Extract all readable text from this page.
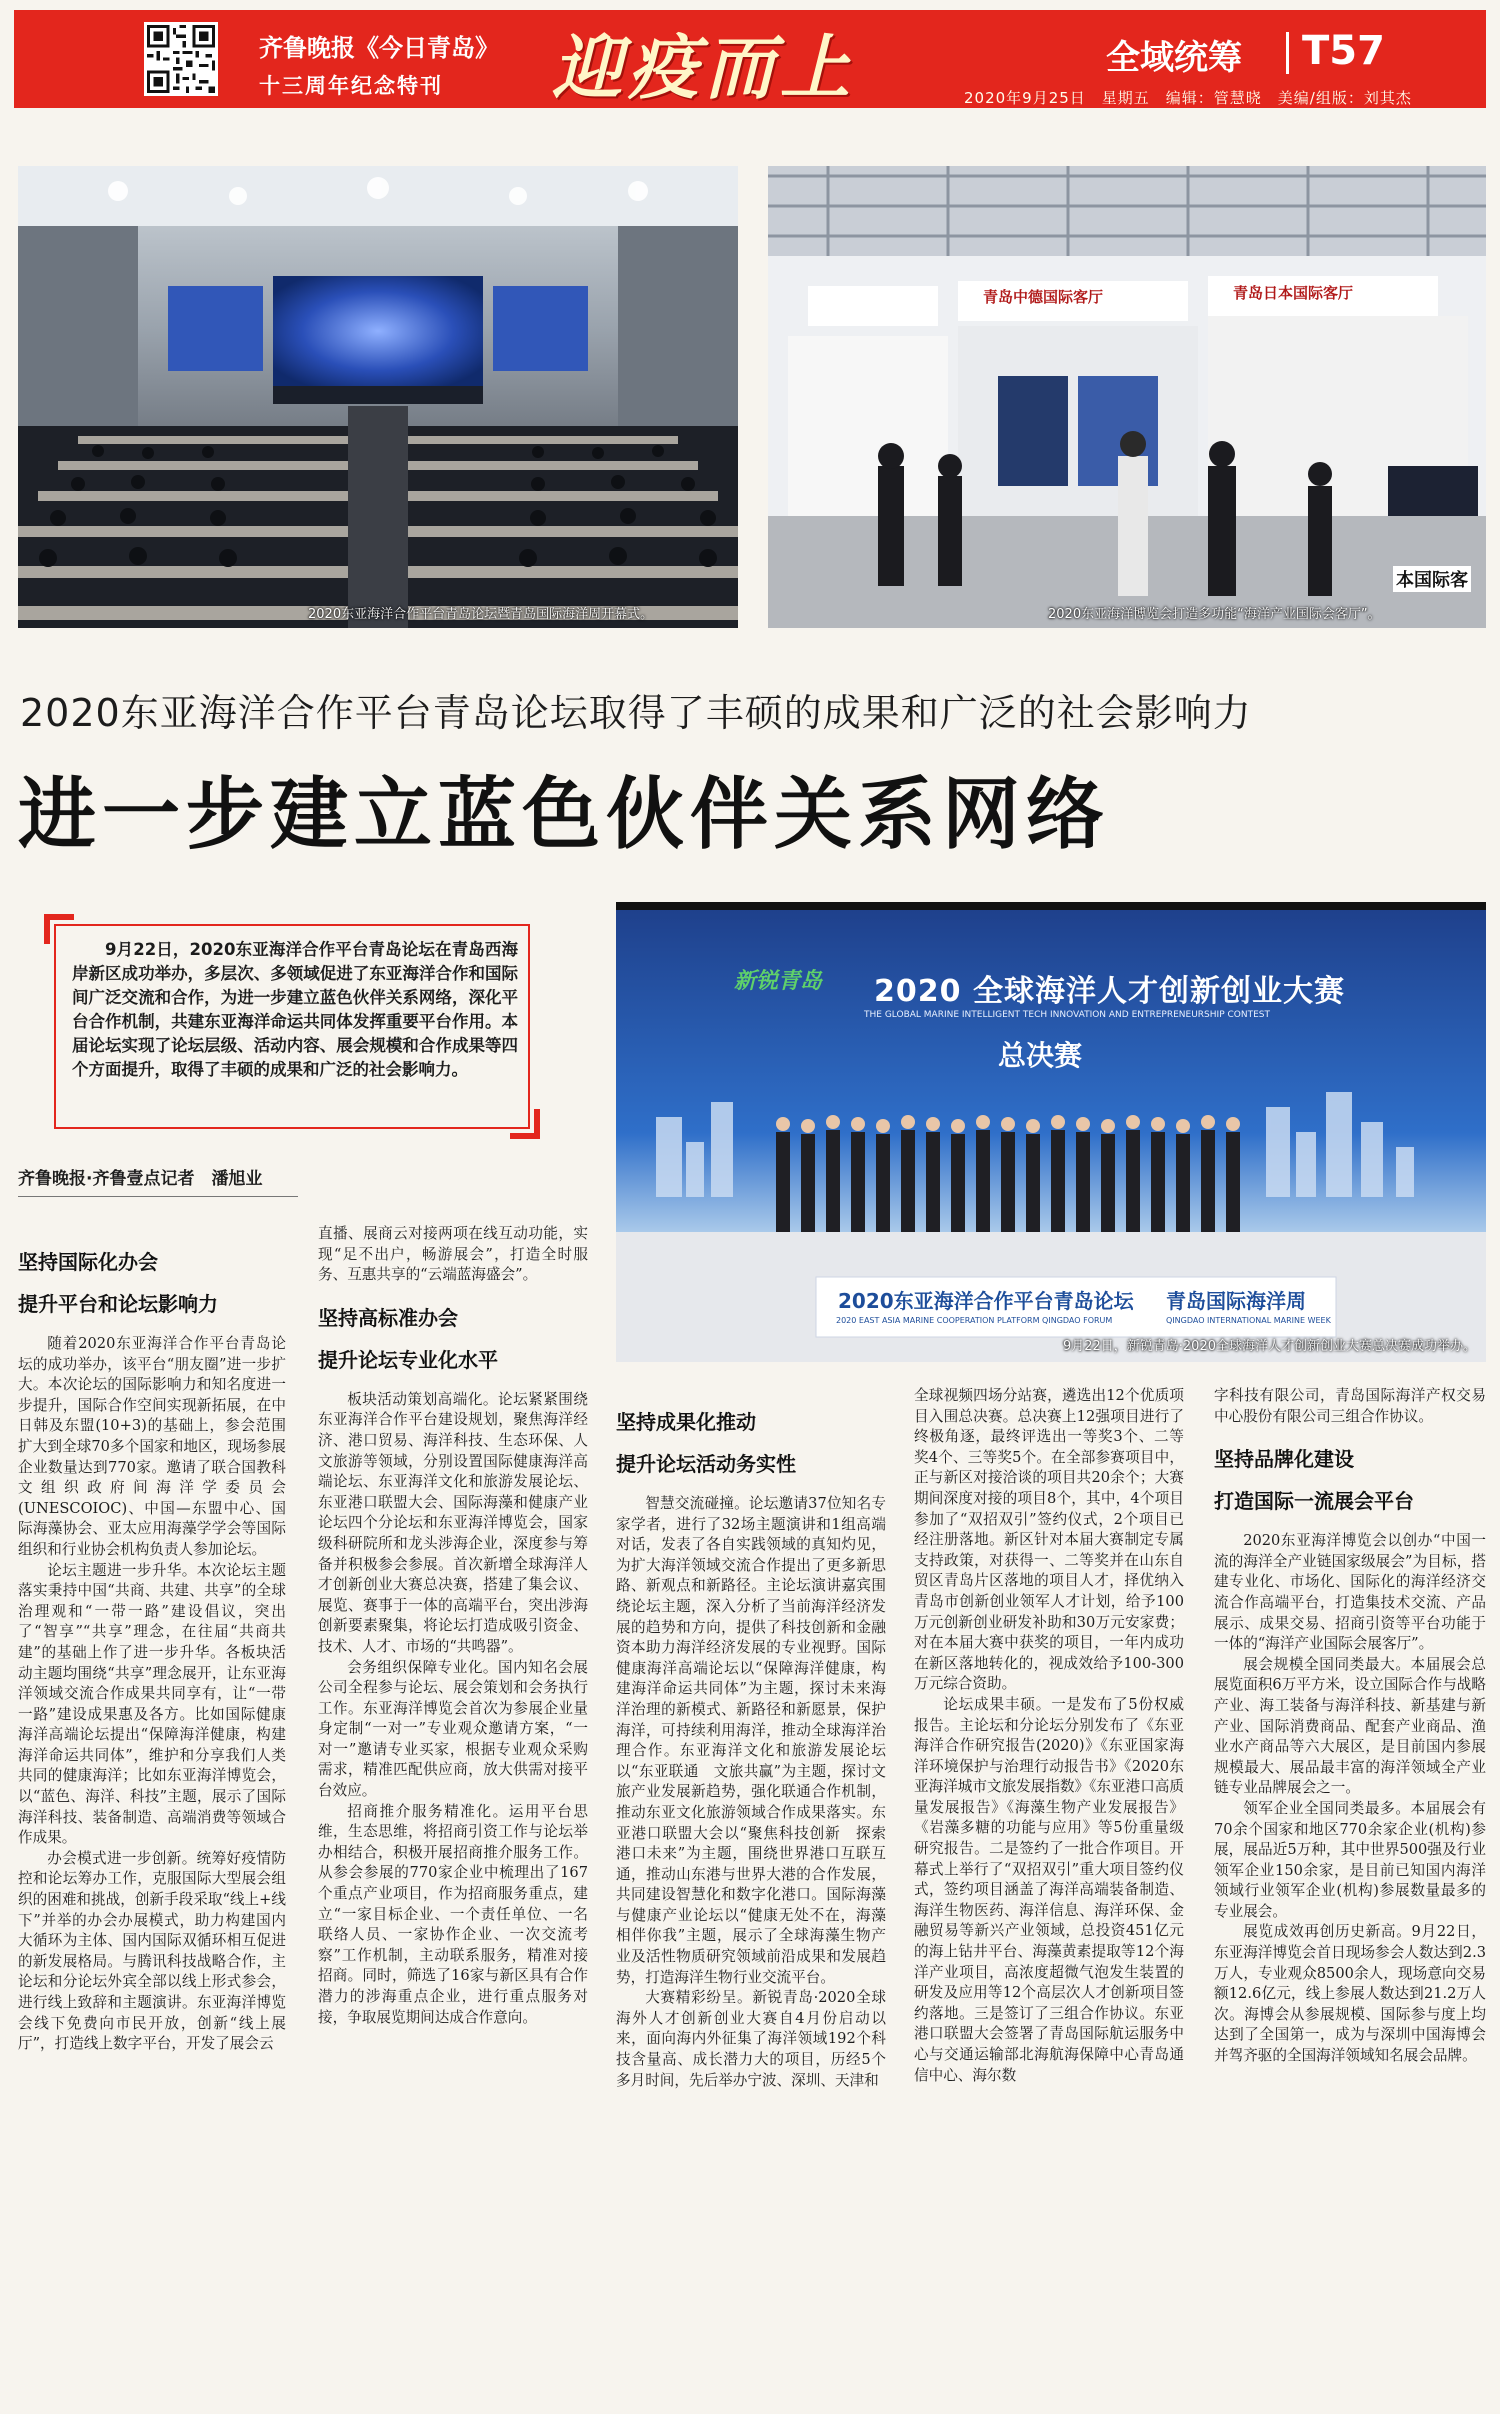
齐鲁晚报《今日青岛》
十三周年纪念特刊 迎疫而上	全域统筹 T57
2020年9月25日　星期五　编辑：管慧晓　美编/组版：刘其杰
2020东亚海洋合作平台青岛论坛暨青岛国际海洋周开幕式。
青岛日本国际客厅
青岛中德国际客厅
本国际客
2020东亚海洋博览会打造多功能“海洋产业国际会客厅”。
2020东亚海洋合作平台青岛论坛取得了丰硕的成果和广泛的社会影响力
进一步建立蓝色伙伴关系网络

9月22日，2020东亚海洋合作平台青岛论坛在青岛西海岸新区成功举办，多层次、多领域促进了东亚海洋合作和国际间广泛交流和合作，为进一步建立蓝色伙伴关系网络，深化平台合作机制，共建东亚海洋命运共同体发挥重要平台作用。本届论坛实现了论坛层级、活动内容、展会规模和合作成果等四个方面提升，取得了丰硕的成果和广泛的社会影响力。

齐鲁晚报·齐鲁壹点记者　潘旭业
新锐青岛 2020 全球海洋人才创新创业大赛
THE GLOBAL MARINE INTELLIGENT TECH INNOVATION AND ENTREPRENEURSHIP CONTEST
总决赛
2020东亚海洋合作平台青岛论坛
2020 EAST ASIA MARINE COOPERATION PLATFORM QINGDAO FORUM
青岛国际海洋周
QINGDAO INTERNATIONAL MARINE WEEK
9月22日，新锐青岛·2020全球海洋人才创新创业大赛总决赛成功举办。
坚持国际化办会
提升平台和论坛影响力

随着2020东亚海洋合作平台青岛论坛的成功举办，该平台“朋友圈”进一步扩大。本次论坛的国际影响力和知名度进一步提升，国际合作空间实现新拓展，在中日韩及东盟(10+3)的基础上，参会范围扩大到全球70多个国家和地区，现场参展企业数量达到770家。邀请了联合国教科文组织政府间海洋学委员会(UNESCOIOC)、中国—东盟中心、国际海藻协会、亚太应用海藻学学会等国际组织和行业协会机构负责人参加论坛。

论坛主题进一步升华。本次论坛主题落实秉持中国“共商、共建、共享”的全球治理观和“一带一路”建设倡议，突出了“智享”“共享”理念，在往届“共商共建”的基础上作了进一步升华。各板块活动主题均围绕“共享”理念展开，让东亚海洋领域交流合作成果共同享有，让“一带一路”建设成果惠及各方。比如国际健康海洋高端论坛提出“保障海洋健康，构建海洋命运共同体”，维护和分享我们人类共同的健康海洋；比如东亚海洋博览会，以“蓝色、海洋、科技”主题，展示了国际海洋科技、装备制造、高端消费等领域合作成果。

办会模式进一步创新。统筹好疫情防控和论坛筹办工作，克服国际大型展会组织的困难和挑战，创新手段采取“线上+线下”并举的办会办展模式，助力构建国内大循环为主体、国内国际双循环相互促进的新发展格局。与腾讯科技战略合作，主论坛和分论坛外宾全部以线上形式参会，进行线上致辞和主题演讲。东亚海洋博览会线下免费向市民开放，创新“线上展厅”，打造线上数字平台，开发了展会云

直播、展商云对接两项在线互动功能，实现“足不出户，畅游展会”，打造全时服务、互惠共享的“云端蓝海盛会”。

坚持高标准办会
提升论坛专业化水平

板块活动策划高端化。论坛紧紧围绕东亚海洋合作平台建设规划，聚焦海洋经济、港口贸易、海洋科技、生态环保、人文旅游等领域，分别设置国际健康海洋高端论坛、东亚海洋文化和旅游发展论坛、东亚港口联盟大会、国际海藻和健康产业论坛四个分论坛和东亚海洋博览会，国家级科研院所和龙头涉海企业，深度参与筹备并积极参会参展。首次新增全球海洋人才创新创业大赛总决赛，搭建了集会议、展览、赛事于一体的高端平台，突出涉海创新要素聚集，将论坛打造成吸引资金、技术、人才、市场的“共鸣器”。

会务组织保障专业化。国内知名会展公司全程参与论坛、展会策划和会务执行工作。东亚海洋博览会首次为参展企业量身定制“一对一”专业观众邀请方案，“一对一”邀请专业买家，根据专业观众采购需求，精准匹配供应商，放大供需对接平台效应。

招商推介服务精准化。运用平台思维，生态思维，将招商引资工作与论坛举办相结合，积极开展招商推介服务工作。从参会参展的770家企业中梳理出了167个重点产业项目，作为招商服务重点，建立“一家目标企业、一个责任单位、一名联络人员、一家协作企业、一次交流考察”工作机制，主动联系服务，精准对接招商。同时，筛选了16家与新区具有合作潜力的涉海重点企业，进行重点服务对接，争取展览期间达成合作意向。

坚持成果化推动
提升论坛活动务实性

智慧交流碰撞。论坛邀请37位知名专家学者，进行了32场主题演讲和1组高端对话，发表了各自实践领域的真知灼见，为扩大海洋领域交流合作提出了更多新思路、新观点和新路径。主论坛演讲嘉宾围绕论坛主题，深入分析了当前海洋经济发展的趋势和方向，提供了科技创新和金融资本助力海洋经济发展的专业视野。国际健康海洋高端论坛以“保障海洋健康，构建海洋命运共同体”为主题，探讨未来海洋治理的新模式、新路径和新愿景，保护海洋，可持续利用海洋，推动全球海洋治理合作。东亚海洋文化和旅游发展论坛以“东亚联通　文旅共赢”为主题，探讨文旅产业发展新趋势，强化联通合作机制，推动东亚文化旅游领域合作成果落实。东亚港口联盟大会以“聚焦科技创新　探索港口未来”为主题，围绕世界港口互联互通，推动山东港与世界大港的合作发展，共同建设智慧化和数字化港口。国际海藻与健康产业论坛以“健康无处不在，海藻相伴你我”主题，展示了全球海藻生物产业及活性物质研究领域前沿成果和发展趋势，打造海洋生物行业交流平台。

大赛精彩纷呈。新锐青岛·2020全球海外人才创新创业大赛自4月份启动以来，面向海内外征集了海洋领域192个科技含量高、成长潜力大的项目，历经5个多月时间，先后举办宁波、深圳、天津和

全球视频四场分站赛，遴选出12个优质项目入围总决赛。总决赛上12强项目进行了终极角逐，最终评选出一等奖3个、二等奖4个、三等奖5个。在全部参赛项目中，正与新区对接洽谈的项目共20余个；大赛期间深度对接的项目8个，其中，4个项目参加了“双招双引”签约仪式，2个项目已经注册落地。新区针对本届大赛制定专属支持政策，对获得一、二等奖并在山东自贸区青岛片区落地的项目人才，择优纳入青岛市创新创业领军人才计划，给予100万元创新创业研发补助和30万元安家费；对在本届大赛中获奖的项目，一年内成功在新区落地转化的，视成效给予100-300万元综合资助。

论坛成果丰硕。一是发布了5份权威报告。主论坛和分论坛分别发布了《东亚海洋合作研究报告(2020)》《东亚国家海洋环境保护与治理行动报告书》《2020东亚海洋城市文旅发展指数》《东亚港口高质量发展报告》《海藻生物产业发展报告》《岩藻多糖的功能与应用》等5份重量级研究报告。二是签约了一批合作项目。开幕式上举行了“双招双引”重大项目签约仪式，签约项目涵盖了海洋高端装备制造、海洋生物医药、海洋信息、海洋环保、金融贸易等新兴产业领域，总投资451亿元的海上钻井平台、海藻黄素提取等12个海洋产业项目，高浓度超微气泡发生装置的研发及应用等12个高层次人才创新项目签约落地。三是签订了三组合作协议。东亚港口联盟大会签署了青岛国际航运服务中心与交通运输部北海航海保障中心青岛通信中心、海尔数

字科技有限公司，青岛国际海洋产权交易中心股份有限公司三组合作协议。

坚持品牌化建设
打造国际一流展会平台

2020东亚海洋博览会以创办“中国一流的海洋全产业链国家级展会”为目标，搭建专业化、市场化、国际化的海洋经济交流合作高端平台，打造集技术交流、产品展示、成果交易、招商引资等平台功能于一体的“海洋产业国际会展客厅”。

展会规模全国同类最大。本届展会总展览面积6万平方米，设立国际合作与战略产业、海工装备与海洋科技、新基建与新产业、国际消费商品、配套产业商品、渔业水产商品等六大展区，是目前国内参展规模最大、展品最丰富的海洋领域全产业链专业品牌展会之一。

领军企业全国同类最多。本届展会有70余个国家和地区770余家企业(机构)参展，展品近5万种，其中世界500强及行业领军企业150余家，是目前已知国内海洋领域行业领军企业(机构)参展数量最多的专业展会。

展览成效再创历史新高。9月22日，东亚海洋博览会首日现场参会人数达到2.3万人，专业观众8500余人，现场意向交易额12.6亿元，线上参展人数达到21.2万人次。海博会从参展规模、国际参与度上均达到了全国第一，成为与深圳中国海博会并驾齐驱的全国海洋领域知名展会品牌。
